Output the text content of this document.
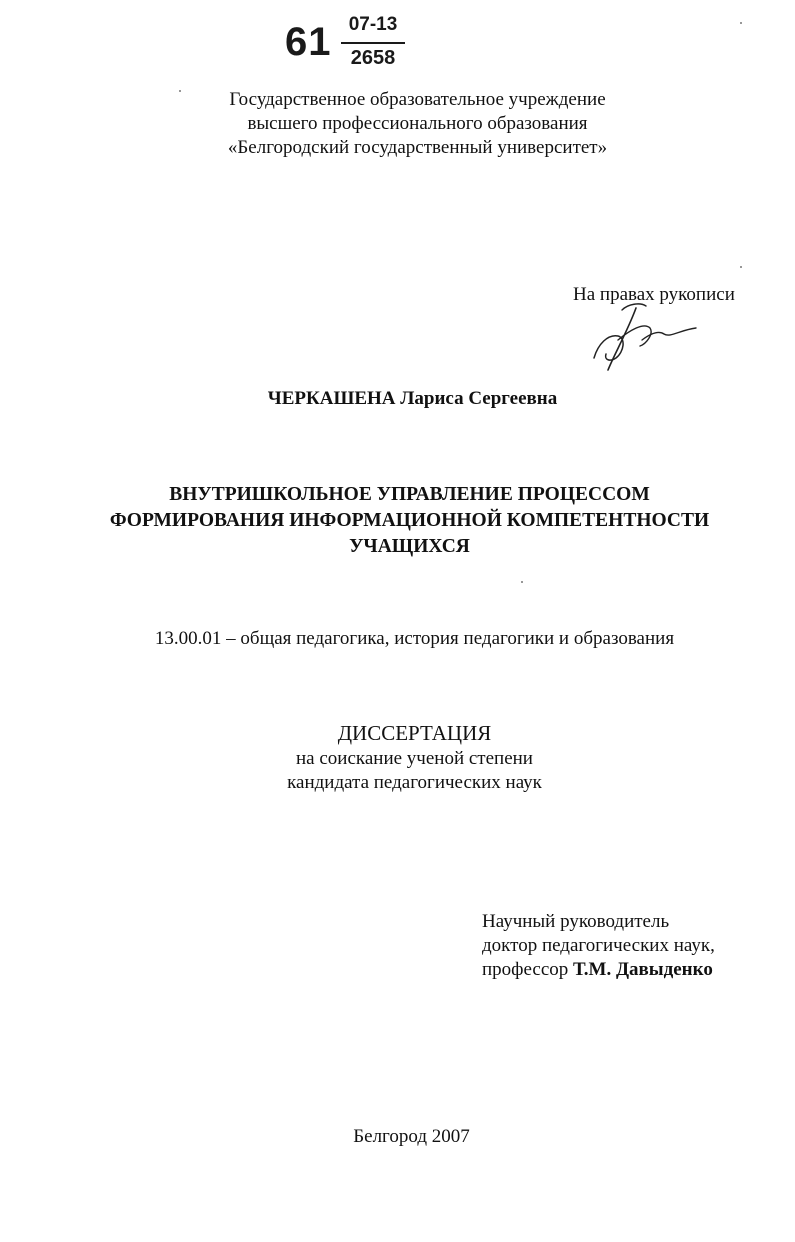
61 07-13
2658
Государственное образовательное учреждение
высшего профессионального образования
«Белгородский государственный университет»
На правах рукописи
ЧЕРКАШЕНА Лариса Сергеевна
ВНУТРИШКОЛЬНОЕ УПРАВЛЕНИЕ ПРОЦЕССОМ
ФОРМИРОВАНИЯ ИНФОРМАЦИОННОЙ КОМПЕТЕНТНОСТИ
УЧАЩИХСЯ
13.00.01 – общая педагогика, история педагогики и образования
ДИССЕРТАЦИЯ
на соискание ученой степени
кандидата педагогических наук
Научный руководитель
доктор педагогических наук,
профессор Т.М. Давыденко
Белгород 2007
